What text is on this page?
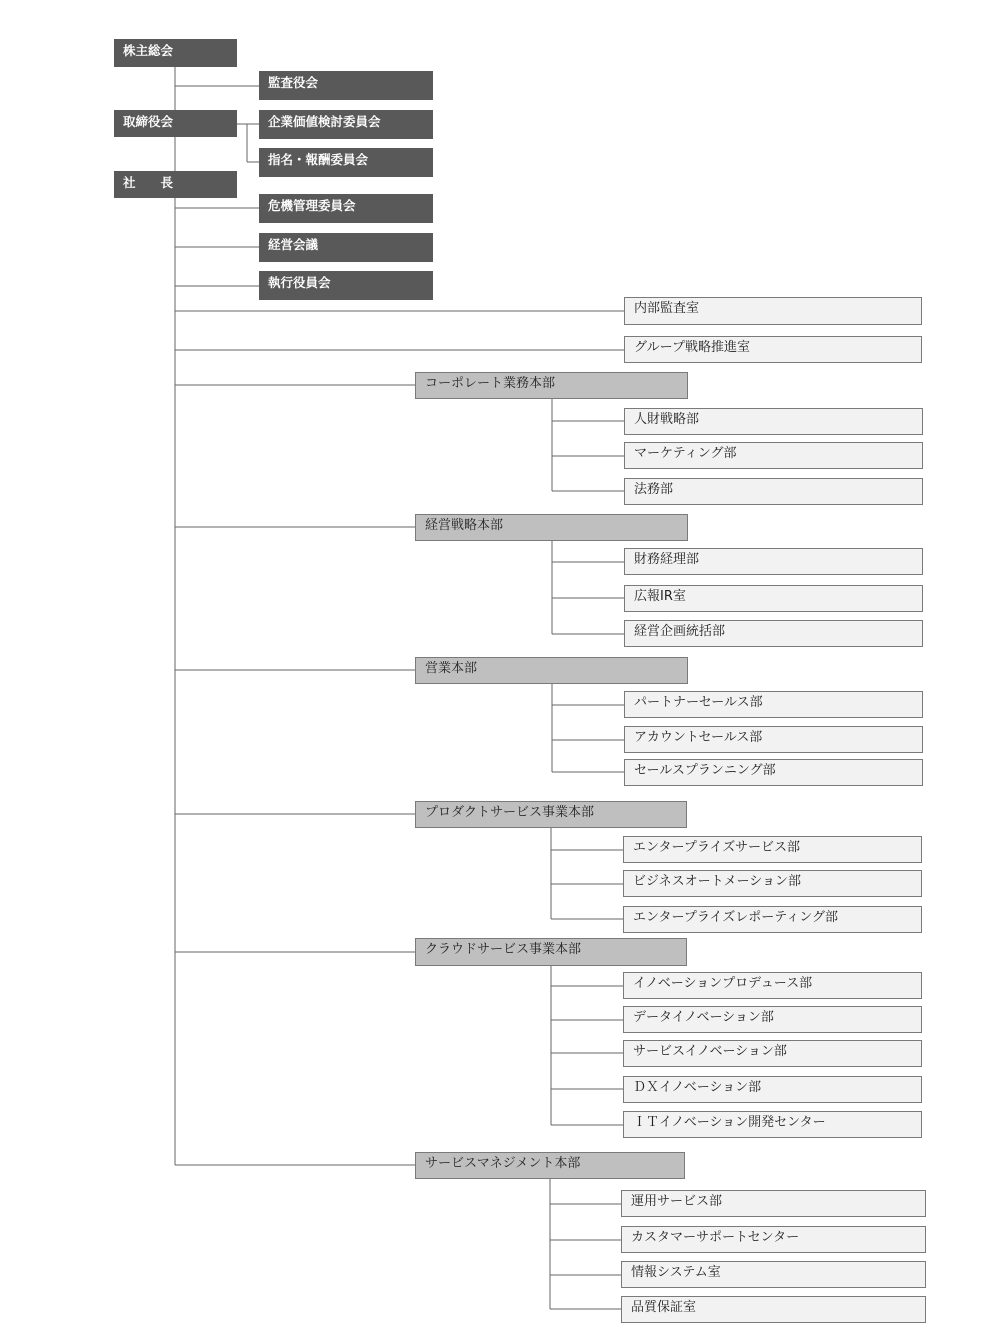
株主総会
監査役会
取締役会	企業価値検討委員会
指名・報酬委員会
社　　長
危機管理委員会
経営会議
執行役員会
内部監査室
グループ戦略推進室
コーポレート業務本部
経営戦略本部
営業本部
プロダクトサービス事業本部
クラウドサービス事業本部
サービスマネジメント本部
人財戦略部
マーケティング部
法務部
財務経理部
広報IR室
経営企画統括部
パートナーセールス部
アカウントセールス部
セールスプランニング部
エンタープライズサービス部
ビジネスオートメーション部
エンタープライズレポーティング部
イノベーションプロデュース部
データイノベーション部
サービスイノベーション部
ＤＸイノベーション部
ＩＴイノベーション開発センター
運用サービス部
カスタマーサポートセンター
情報システム室
品質保証室
